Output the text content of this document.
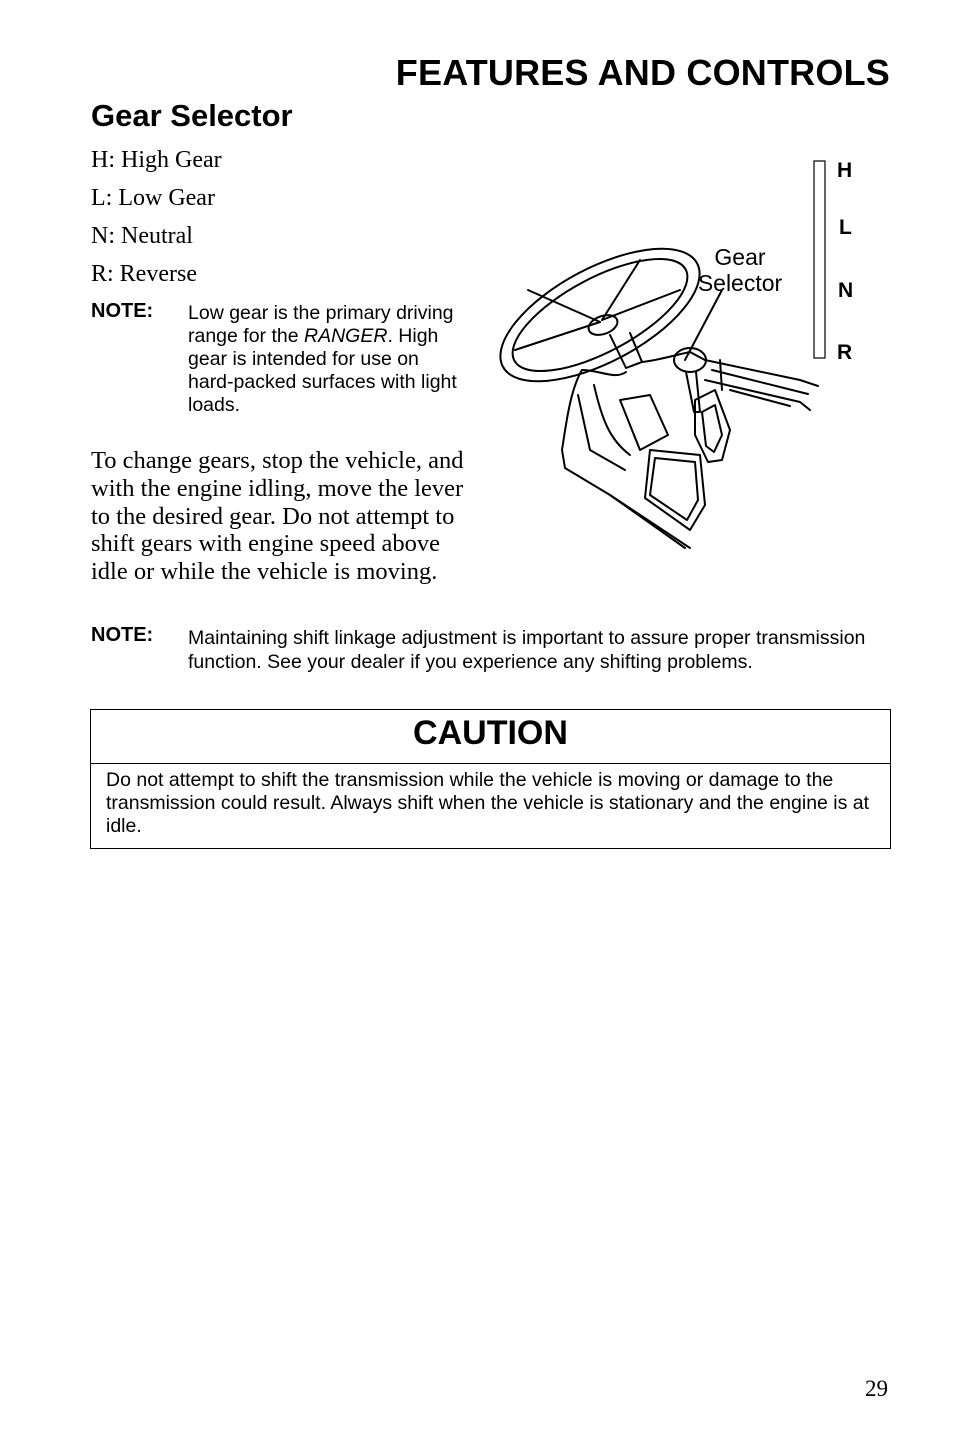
FEATURES AND CONTROLS
Gear Selector
H: High Gear
L: Low Gear
N: Neutral
R: Reverse
NOTE: Low gear is the primary driving range for the RANGER. High gear is intended for use on hard-packed surfaces with light loads.
To change gears, stop the vehicle, and with the engine idling, move the lever to the desired gear. Do not attempt to shift gears with engine speed above idle or while the vehicle is moving.
NOTE: Maintaining shift linkage adjustment is important to assure proper transmission function. See your dealer if you experience any shifting problems.
CAUTION
Do not attempt to shift the transmission while the vehicle is moving or damage to the transmission could result. Always shift when the vehicle is stationary and the engine is at idle.
Gear
Selector
H
L
N
R
29
